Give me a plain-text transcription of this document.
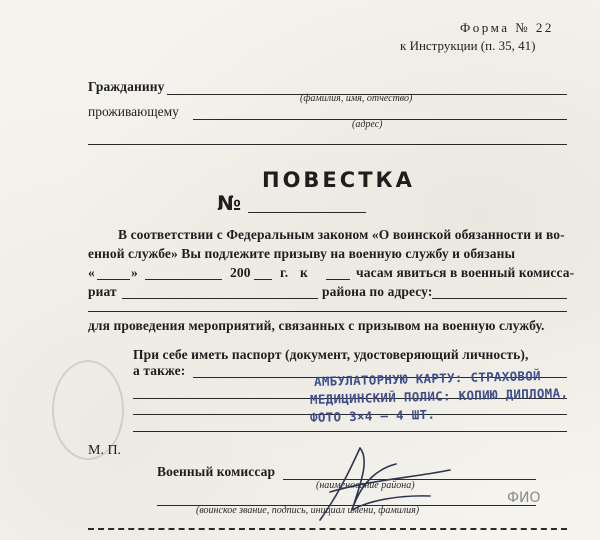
Форма № 22
к Инструкции (п. 35, 41)
Гражданину
(фамилия, имя, отчество)
проживающему
(адрес)
ПОВЕСТКА
№
В соответствии с Федеральным законом «О воинской обязанности и во-
енной службе» Вы подлежите призыву на военную службу и обязаны
«	»	200 г. к	часам явиться в военный комисса-
риат	района по адресу:
для проведения мероприятий, связанных с призывом на военную службу.
При себе иметь паспорт (документ, удостоверяющий личность),
а также:	АМБУЛАТОРНУЮ КАРТУ: СТРАХОВОЙ
МЕДИЦИНСКИЙ ПОЛИС: КОПИЮ ДИПЛОМА,
ФОТО 3×4 — 4 ШТ.
М. П.
Военный комиссар
(наименование района)
(воинское звание, подпись, инициал имени, фамилия)
ФИО
